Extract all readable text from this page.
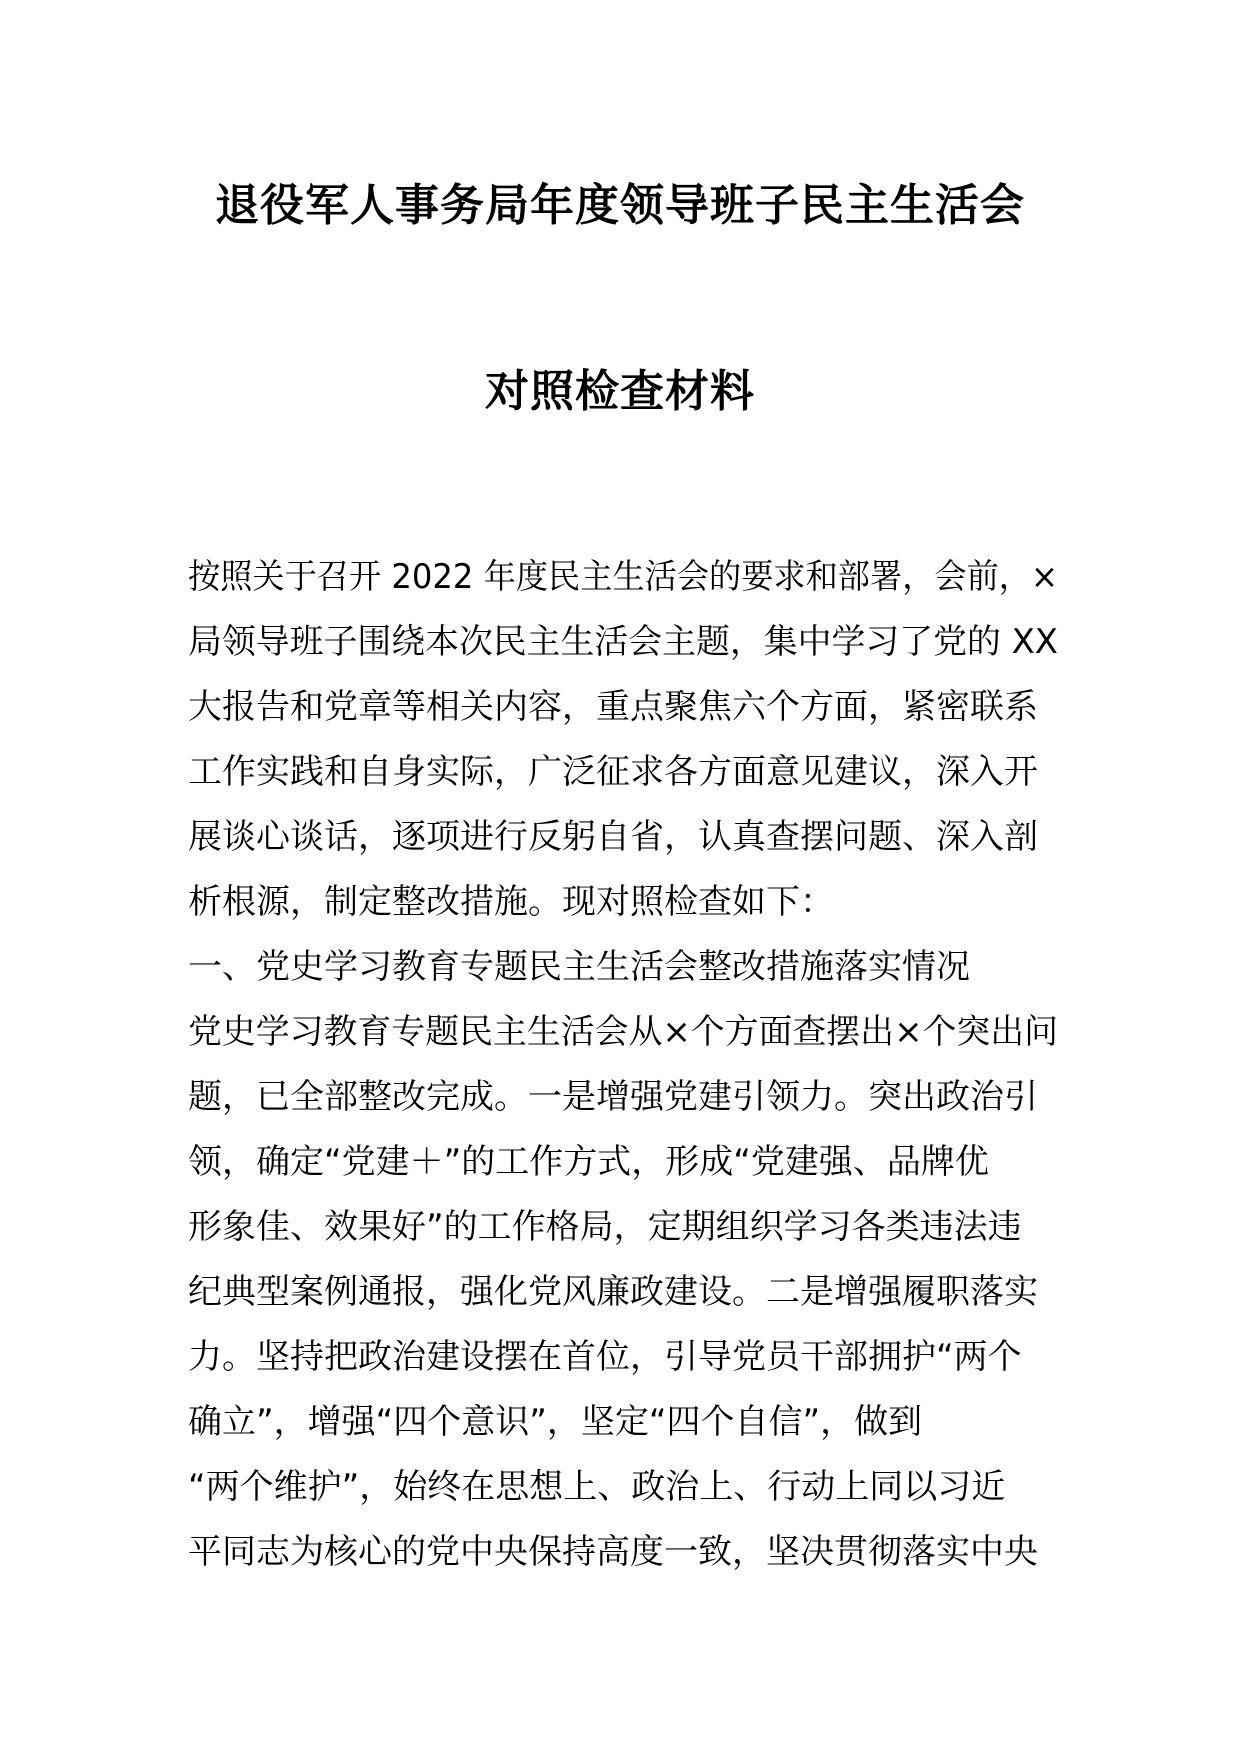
退役军人事务局年度领导班子民主生活会
对照检查材料
按照关于召开 2022 年度民主生活会的要求和部署，会前，×
局领导班子围绕本次民主生活会主题，集中学习了党的 XX
大报告和党章等相关内容，重点聚焦六个方面，紧密联系
工作实践和自身实际，广泛征求各方面意见建议，深入开
展谈心谈话，逐项进行反躬自省，认真查摆问题、深入剖
析根源，制定整改措施。现对照检查如下：
一、党史学习教育专题民主生活会整改措施落实情况
党史学习教育专题民主生活会从×个方面查摆出×个突出问
题，已全部整改完成。一是增强党建引领力。突出政治引
领，确定“党建＋”的工作方式，形成“党建强、品牌优
形象佳、效果好”的工作格局，定期组织学习各类违法违
纪典型案例通报，强化党风廉政建设。二是增强履职落实
力。坚持把政治建设摆在首位，引导党员干部拥护“两个
确立”，增强“四个意识”，坚定“四个自信”，做到
“两个维护”，始终在思想上、政治上、行动上同以习近
平同志为核心的党中央保持高度一致，坚决贯彻落实中央
